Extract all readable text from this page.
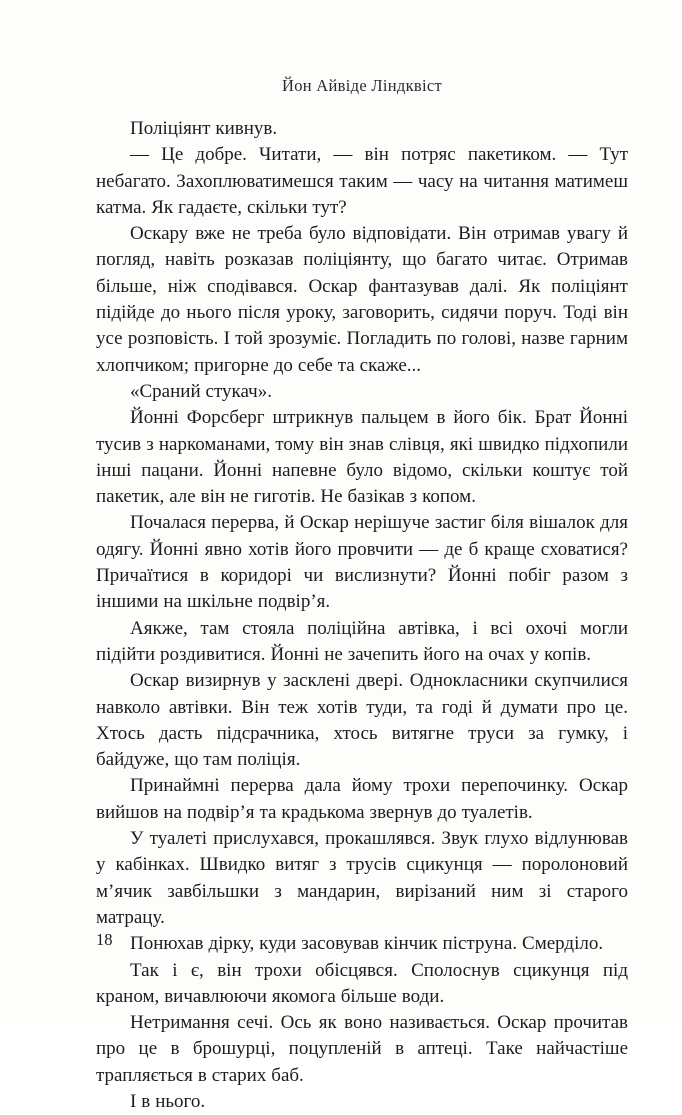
Йон Айвіде Ліндквіст

Поліціянт кивнув.

— Це добре. Читати, — він потряс пакетиком. — Тут небагато. Захоплюватимешся таким — часу на читання матимеш катма. Як гадаєте, скільки тут?

Оскару вже не треба було відповідати. Він отримав увагу й погляд, навіть розказав поліціянту, що багато читає. Отримав більше, ніж сподівався. Оскар фантазував далі. Як поліціянт підійде до нього після уроку, заговорить, сидячи поруч. Тоді він усе розповість. І той зрозуміє. Погладить по голові, назве гарним хлопчиком; пригорне до себе та скаже...

«Сраний стукач».

Йонні Форсберг штрикнув пальцем в його бік. Брат Йонні тусив з наркоманами, тому він знав слівця, які швидко підхопили інші пацани. Йонні напевне було відомо, скільки коштує той пакетик, але він не гиготів. Не базікав з копом.

Почалася перерва, й Оскар нерішуче застиг біля вішалок для одягу. Йонні явно хотів його провчити — де б краще сховатися? Причаїтися в коридорі чи вислизнути? Йонні побіг разом з іншими на шкільне подвір’я.

Аякже, там стояла поліційна автівка, і всі охочі могли підійти роздивитися. Йонні не зачепить його на очах у копів.

Оскар визирнув у засклені двері. Однокласники скупчилися навколо автівки. Він теж хотів туди, та годі й думати про це. Хтось дасть підсрачника, хтось витягне труси за гумку, і байдуже, що там поліція.

Принаймні перерва дала йому трохи перепочинку. Оскар вийшов на подвір’я та крадькома звернув до туалетів.

У туалеті прислухався, прокашлявся. Звук глухо відлунював у кабінках. Швидко витяг з трусів сцикунця — поролоновий м’ячик завбільшки з мандарин, вирізаний ним зі старого матрацу.

Понюхав дірку, куди засовував кінчик піструна. Смерділо.

Так і є, він трохи обісцявся. Сполоснув сцикунця під краном, вичавлюючи якомога більше води.

Нетримання сечі. Ось як воно називається. Оскар прочитав про це в брошурці, поцупленій в аптеці. Таке найчастіше трапляється в старих баб.

І в нього.

18
